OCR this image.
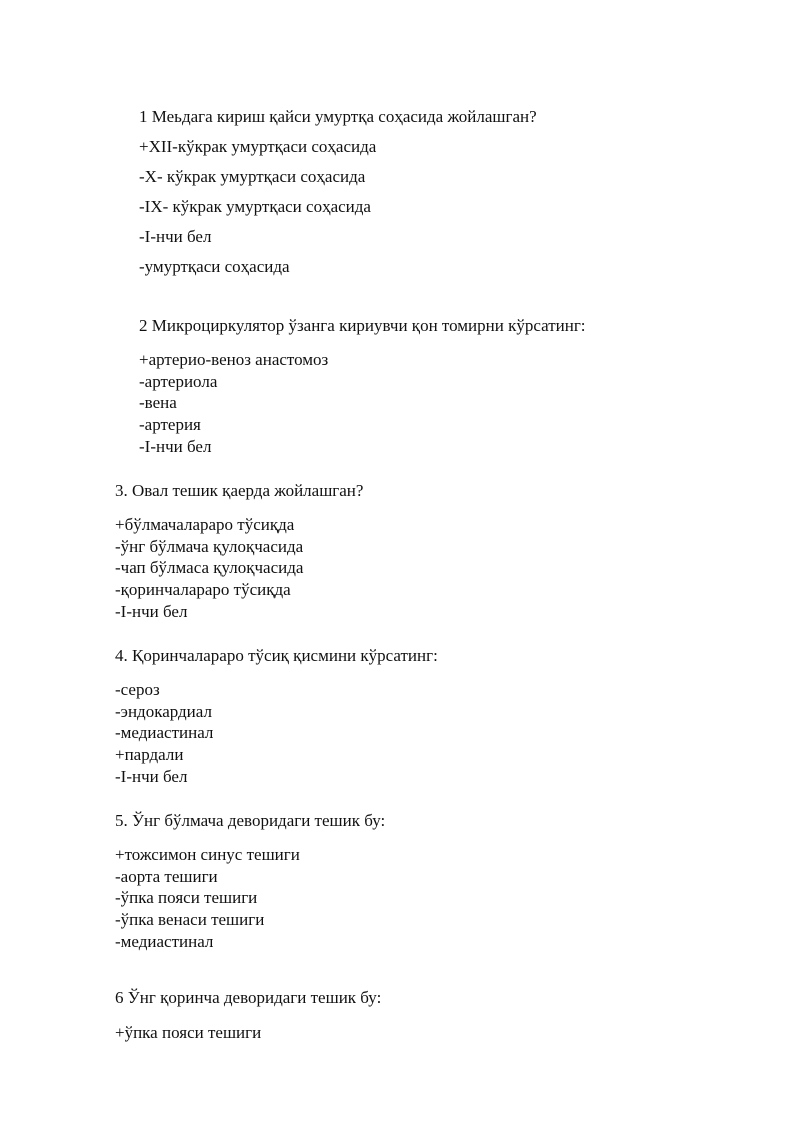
1 Меьдага кириш қайси умуртқа соҳасида жойлашган?
+XII-кўкрак умуртқаси соҳасида
-X- кўкрак умуртқаси соҳасида
-IX- кўкрак умуртқаси соҳасида
-I-нчи бел
-умуртқаси соҳасида
2 Микроциркулятор ўзанга кириувчи қон томирни кўрсатинг:
+артерио-веноз анастомоз
-артериола
-вена
-артерия
-I-нчи бел
3. Овал тешик қаерда жойлашган?
+бўлмачалараро тўсиқда
-ўнг бўлмача қулоқчасида
-чап бўлмаса қулоқчасида
-қоринчалараро тўсиқда
-I-нчи бел
4. Қоринчалараро тўсиқ қисмини кўрсатинг:
-сероз
-эндокардиал
-медиастинал
+пардали
-I-нчи бел
5. Ўнг бўлмача деворидаги тешик бу:
+тожсимон синус тешиги
-аорта тешиги
-ўпка пояси тешиги
-ўпка венаси тешиги
-медиастинал
6 Ўнг қоринча деворидаги тешик бу:
+ўпка пояси тешиги
